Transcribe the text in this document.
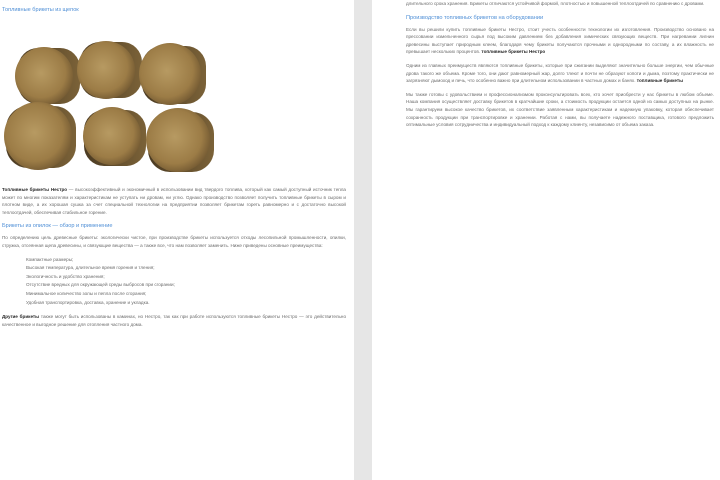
Топливные брикеты из щепок

Топливные брикеты Нестро — высокоэффективный и экономичный в использовании вид твердого топлива, который как самый доступный источник тепла может по многим показателям и характеристикам не уступать ни дровам, ни углю. Однако производство позволяет получить топливные брикеты в сыром и плотном виде, а их хорошая сушка за счет специальной технологии на предприятии позволяет брикетам гореть равномерно и с достаточно высокой теплоотдачей, обеспечивая стабильное горение.

Брикеты из опилок — обзор и применение

По определению цель древесные брикеты: экологически чистое, при производстве брикеты используется отходы лесопильной промышленности, опилки, стружка, отсеянная щепа древесины, и связующие вещества — а также все, что нам позволяет заменить. Ниже приведены основные преимущества:

Компактные размеры;
Высокая температура, длительное время горения и тления;
Экологичность и удобство хранения;
Отсутствие вредных для окружающей среды выбросов при сгорании;
Минимальное количество золы и пепла после сгорания;
Удобная транспортировка, доставка, хранение и укладка.

Другие брикеты также могут быть использованы в каминах, но Нестро, так как при работе используются топливные брикеты Нестро — это действительно качественное и выгодное решение для отопления частного дома.

длительного срока хранения. Брикеты отличаются устойчивой формой, плотностью и повышенной теплоотдачей по сравнению с дровами.

Производство топливных брикетов на оборудовании

Если вы решили купить топливные брикеты Нестро, стоит учесть особенности технологии их изготовления. Производство основано на прессовании измельченного сырья под высоким давлением без добавления химических связующих веществ. При нагревании лигнин древесины выступает природным клеем, благодаря чему брикеты получаются прочными и однородными по составу, а их влажность не превышает нескольких процентов. топливные брикеты Нестро

Одним из главных преимуществ являются топливные брикеты, которые при сжигании выделяют значительно больше энергии, чем обычные дрова такого же объема. Кроме того, они дают равномерный жар, долго тлеют и почти не образуют копоти и дыма, поэтому практически не загрязняют дымоход и печь, что особенно важно при длительном использовании в частных домах и банях. топливные брикеты

Мы также готовы с удовольствием и профессионализмом проконсультировать всех, кто хочет приобрести у нас брикеты в любом объеме. Наша компания осуществляет доставку брикетов в кратчайшие сроки, а стоимость продукции остается одной из самых доступных на рынке. Мы гарантируем высокое качество брикетов, их соответствие заявленным характеристикам и надежную упаковку, которая обеспечивает сохранность продукции при транспортировке и хранении. Работая с нами, вы получаете надежного поставщика, готового предложить оптимальные условия сотрудничества и индивидуальный подход к каждому клиенту, независимо от объема заказа.
